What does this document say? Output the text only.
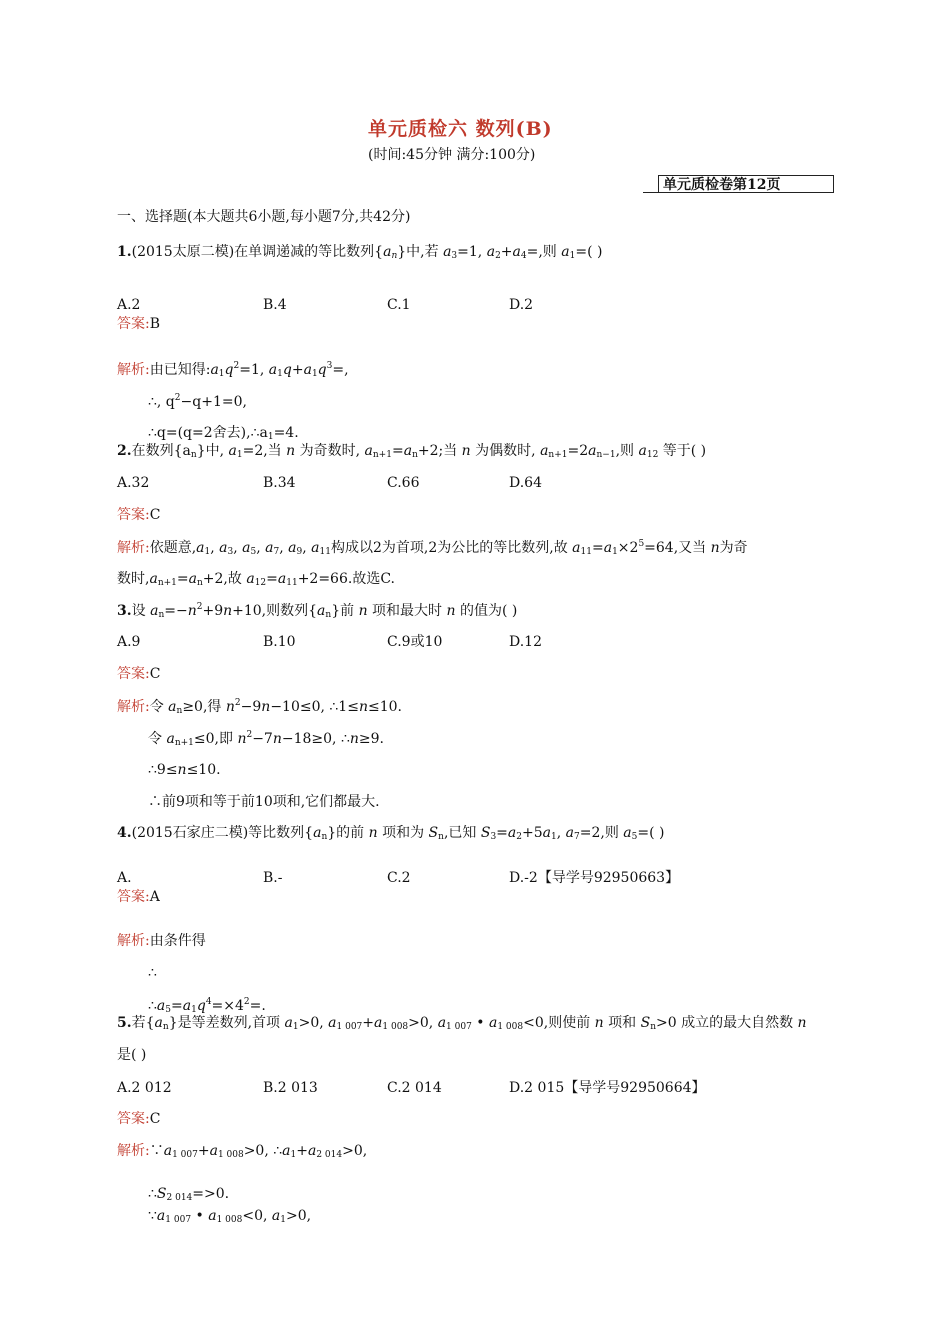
单元质检六 数列(B)
(时间:45分钟 满分:100分)
单元质检卷第12页
一、选择题(本大题共6小题,每小题7分,共42分)
1.(2015太原二模)在单调递减的等比数列$\{a_n\}$中,若 $a_3=1$, $a_2+a_4=$,则 $a_1=$( )
A.2	B.4	C.1	D.2
答案:B
解析:由已知得$:a_1q^2=1$, $a_1q+a_1q^3=$,
∴, $q^2-q+1=0$,
∴q=(q=2舍去)$,\therefore a_1=4$.
2.在数列$\{a_n\}$中, $a_1=2$,当 n 为奇数时, $a_{n+1}=a_n+2$;当 n 为偶数时, $a_{n+1}=2a_{n-1}$,则 $a_{12}$ 等于( )
A.32	B.34	C.66	D.64
答案:C
解析:依题意$,a_1$, $a_3$, $a_5$, $a_7$, $a_9$, $a_{11}$构成以2为首项,2为公比的等比数列,故 $a_{11}=a_1\times 2^5=64$,又当 n为奇
数时$,a_{n+1}=a_n+2$,故 $a_{12}=a_{11}+2=66$.故选C.
3.设 $a_n=-n^2+9n+10$,则数列$\{a_n\}$前 n 项和最大时 n 的值为( )
A.9	B.10	C.9或10	D.12
答案:C
解析:令 $a_n\ge 0$,得 $n^2-9n-10\le 0$, ∴1≤n≤10.
令 $a_{n+1}\le 0$,即 $n^2-7n-18\ge 0$, ∴n≥9.
∴9≤n≤10.
∴前9项和等于前10项和,它们都最大.
4.(2015石家庄二模)等比数列$\{a_n\}$的前 n 项和为 $S_n$,已知 $S_3=a_2+5a_1$, $a_7=2$,则 $a_5=$( )
A.	B.-	C.2	D.-2【导学号92950663】
答案:A
解析:由条件得
∴
$\therefore a_5=a_1q^4=\times 4^2=$.
5.若$\{a_n\}$是等差数列,首项 $a_1>0$, $a_{1 007}+a_{1 008}>0$, $a_{1 007}$ • $a_{1 008}<0$,则使前 n 项和 $S_n>0$ 成立的最大自然数 n
是( )
A.2 012	B.2 013	C.2 014	D.2 015【导学号92950664】
答案:C
解析$:\because a_{1 007}+a_{1 008}>0$, $\therefore a_1+a_{2 014}>0$,
$\therefore S_{2 014}=>0$.
$\because a_{1 007}$ • $a_{1 008}<0$, $a_1>0$,
